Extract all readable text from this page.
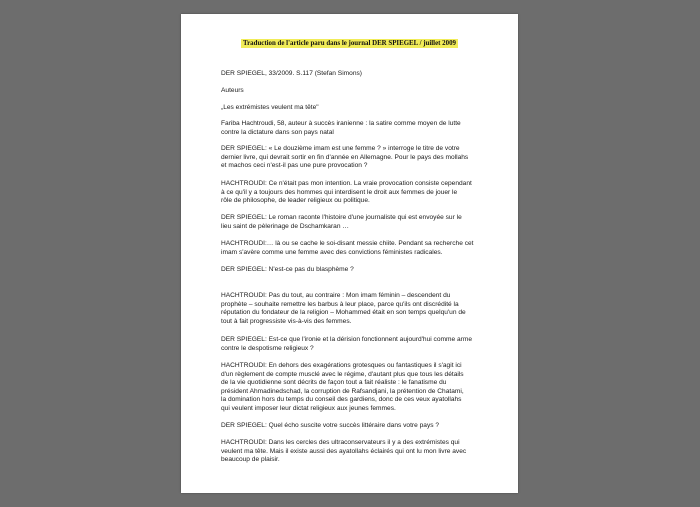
Traduction de l'article paru dans le journal DER SPIEGEL / juillet 2009
DER SPIEGEL, 33/2009. S.117 (Stefan Simons)
Auteurs
„Les extrémistes veulent ma tête"
Fariba Hachtroudi, 58, auteur à succès iranienne : la satire comme moyen de lutte
contre la dictature dans son pays natal
DER SPIEGEL: « Le douzième imam est une femme ? » interroge le titre de votre
dernier livre, qui devrait sortir en fin d'année en Allemagne. Pour le pays des mollahs
et machos ceci n'est-il pas une pure provocation ?
HACHTROUDI: Ce n'était pas mon intention. La vraie provocation consiste cependant
à ce qu'il y a toujours des hommes qui interdisent le droit aux femmes de jouer le
rôle de philosophe, de leader religieux ou politique.
DER SPIEGEL: Le roman raconte l'histoire d'une journaliste qui est envoyée sur le
lieu saint de pèlerinage de Dschamkaran …
HACHTROUDI:… là ou se cache le soi-disant messie chiite. Pendant sa recherche cet
imam s'avère comme une femme avec des convictions féministes radicales.
DER SPIEGEL: N'est-ce pas du blasphème ?
HACHTROUDI: Pas du tout, au contraire : Mon imam féminin – descendent du
prophète – souhaite remettre les barbus à leur place, parce qu'ils ont discrédité la
réputation du fondateur de la religion – Mohammed était en son temps quelqu'un de
tout à fait progressiste vis-à-vis des femmes.
DER SPIEGEL: Est-ce que l'ironie et la dérision fonctionnent aujourd'hui comme arme
contre le despotisme religieux ?
HACHTROUDI: En dehors des exagérations grotesques ou fantastiques il s'agit ici
d'un règlement de compte musclé avec le régime, d'autant plus que tous les détails
de la vie quotidienne sont décrits de façon tout a fait réaliste : le fanatisme du
président Ahmadinedschad, la corruption de Rafsandjani, la prétention de Chatami,
la domination hors du temps du conseil des gardiens, donc de ces veux ayatollahs
qui veulent imposer leur dictat religieux aux jeunes femmes.
DER SPIEGEL: Quel écho suscite votre succès littéraire dans votre pays ?
HACHTROUDI: Dans les cercles des ultraconservateurs il y a des extrémistes qui
veulent ma tête. Mais il existe aussi des ayatollahs éclairés qui ont lu mon livre avec
beaucoup de plaisir.
